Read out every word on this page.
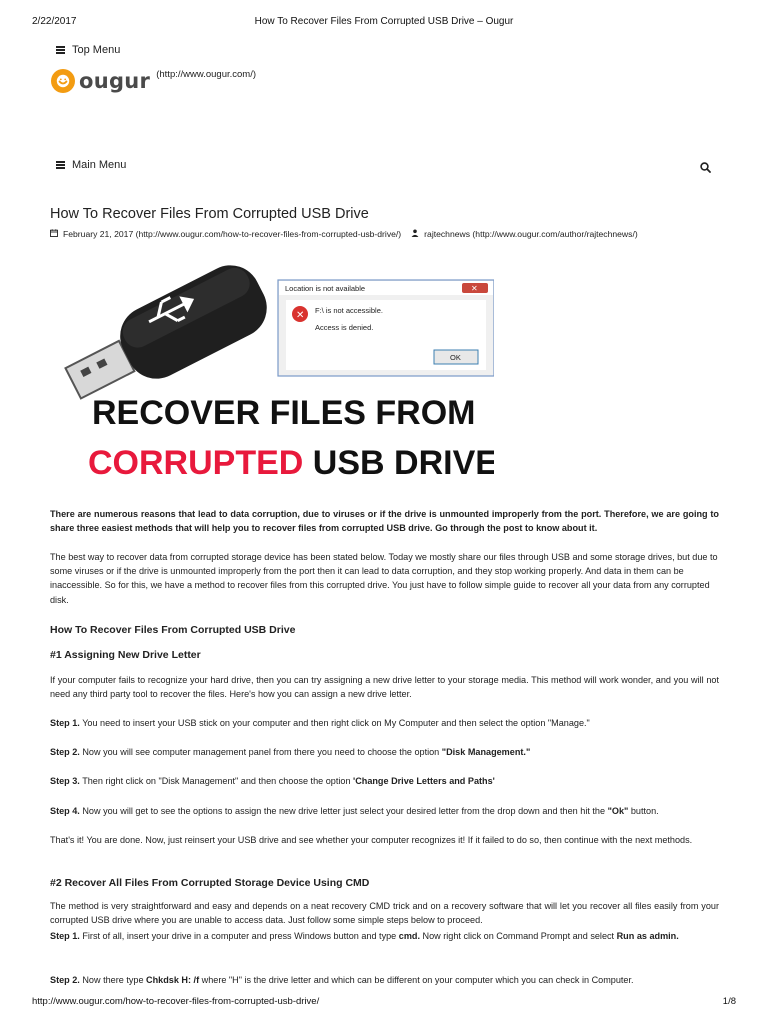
2/22/2017	How To Recover Files From Corrupted USB Drive – Ougur
Top Menu
ougur (http://www.ougur.com/)
Main Menu
How To Recover Files From Corrupted USB Drive
February 21, 2017
(http://www.ougur.com/how-to-recover-files-from-corrupted-usb-drive/)	rajtechnews
(http://www.ougur.com/author/rajtechnews/)
Location is not available	✕
✕ F:\ is not accessible.
Access is denied.
OK
RECOVER FILES FROM
CORRUPTED USB DRIVE

There are numerous reasons that lead to data corruption, due to viruses or if the drive is unmounted improperly from the port. Therefore, we are going to share three easiest methods that will help you to recover files from corrupted USB drive. Go through the post to know about it.

The best way to recover data from corrupted storage device has been stated below. Today we mostly share our files through USB and some storage drives, but due to some viruses or if the drive is unmounted improperly from the port then it can lead to data corruption, and they stop working properly. And data in them can be inaccessible. So for this, we have a method to recover files from this corrupted drive. You just have to follow simple guide to recover all your data from any corrupted disk.

How To Recover Files From Corrupted USB Drive
#1 Assigning New Drive Letter

If your computer fails to recognize your hard drive, then you can try assigning a new drive letter to your storage media. This method will work wonder, and you will not need any third party tool to recover the files. Here's how you can assign a new drive letter.

Step 1. You need to insert your USB stick on your computer and then right click on My Computer and then select the option "Manage."

Step 2. Now you will see computer management panel from there you need to choose the option "Disk Management."

Step 3. Then right click on "Disk Management" and then choose the option 'Change Drive Letters and Paths'

Step 4. Now you will get to see the options to assign the new drive letter just select your desired letter from the drop down and then hit the "Ok" button.

That's it! You are done. Now, just reinsert your USB drive and see whether your computer recognizes it! If it failed to do so, then continue with the next methods.

#2 Recover All Files From Corrupted Storage Device Using CMD

The method is very straightforward and easy and depends on a neat recovery CMD trick and on a recovery software that will let you recover all files easily from your corrupted USB drive where you are unable to access data. Just follow some simple steps below to proceed.

Step 1. First of all, insert your drive in a computer and press Windows button and type cmd. Now right click on Command Prompt and select Run as admin.

Step 2. Now there type Chkdsk H: /f where "H" is the drive letter and which can be different on your computer which you can check in Computer.

http://www.ougur.com/how-to-recover-files-from-corrupted-usb-drive/	1/8
